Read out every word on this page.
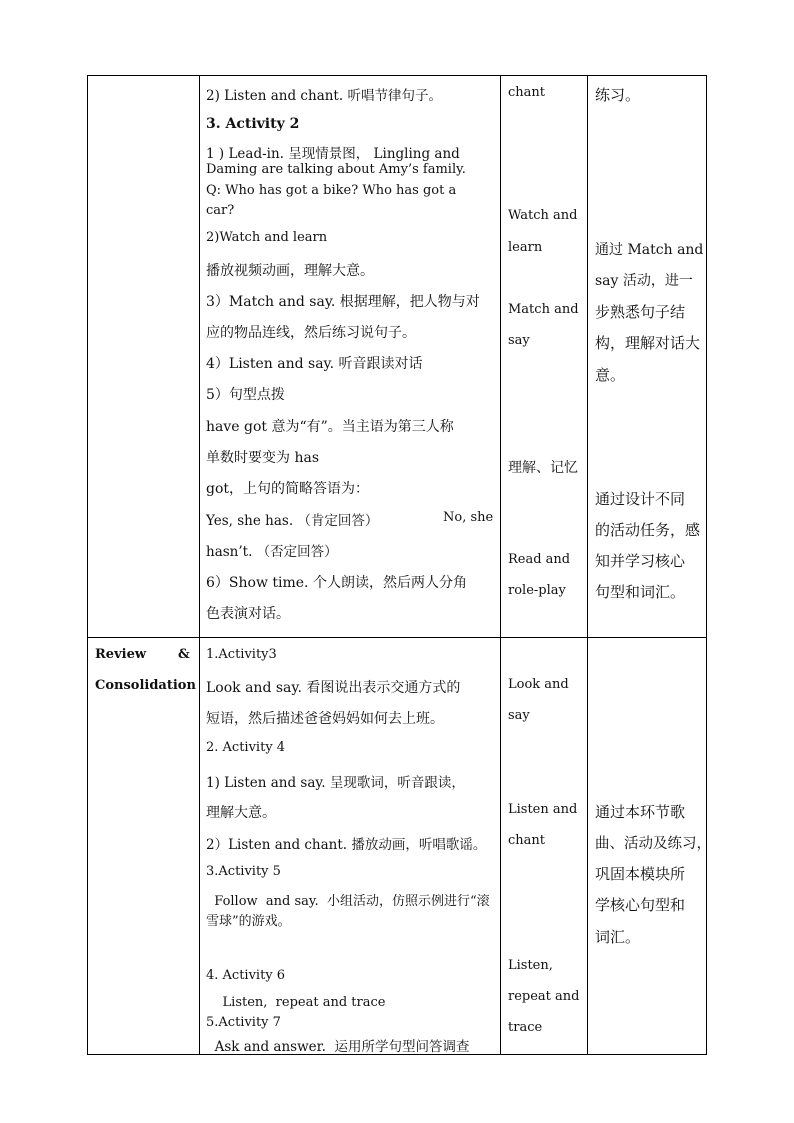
2) Listen and chant. 听唱节律句子。
3. Activity 2
1 ) Lead-in. 呈现情景图， Lingling and
Daming are talking about Amy’s family.
Q: Who has got a bike? Who has got a
car?
2)Watch and learn
播放视频动画，理解大意。
3）Match and say. 根据理解，把人物与对
应的物品连线，然后练习说句子。
4）Listen and say. 听音跟读对话
5）句型点拨
have got 意为“有”。当主语为第三人称
单数时要变为 has
got，上句的简略答语为：
Yes, she has. （肯定回答）	No, she
hasn’t. （否定回答）
6）Show time. 个人朗读，然后两人分角
色表演对话。
chant
Watch and
learn
Match and
say
理解、记忆
Read and
role-play
练习。
通过 Match and
say 活动，进一
步熟悉句子结
构，理解对话大
意。
通过设计不同
的活动任务，感
知并学习核心
句型和词汇。
Review &
Consolidation
1.Activity3
Look and say. 看图说出表示交通方式的
短语，然后描述爸爸妈妈如何去上班。
2. Activity 4
1) Listen and say. 呈现歌词，听音跟读，
理解大意。
2）Listen and chant. 播放动画，听唱歌谣。
3.Activity 5
Follow  and say.  小组活动，仿照示例进行“滚
雪球”的游戏。
4. Activity 6
Listen,  repeat and trace
5.Activity 7
Ask and answer.  运用所学句型问答调查
Look and
say
Listen and
chant
Listen,
repeat and
trace
通过本环节歌
曲、活动及练习，
巩固本模块所
学核心句型和
词汇。
